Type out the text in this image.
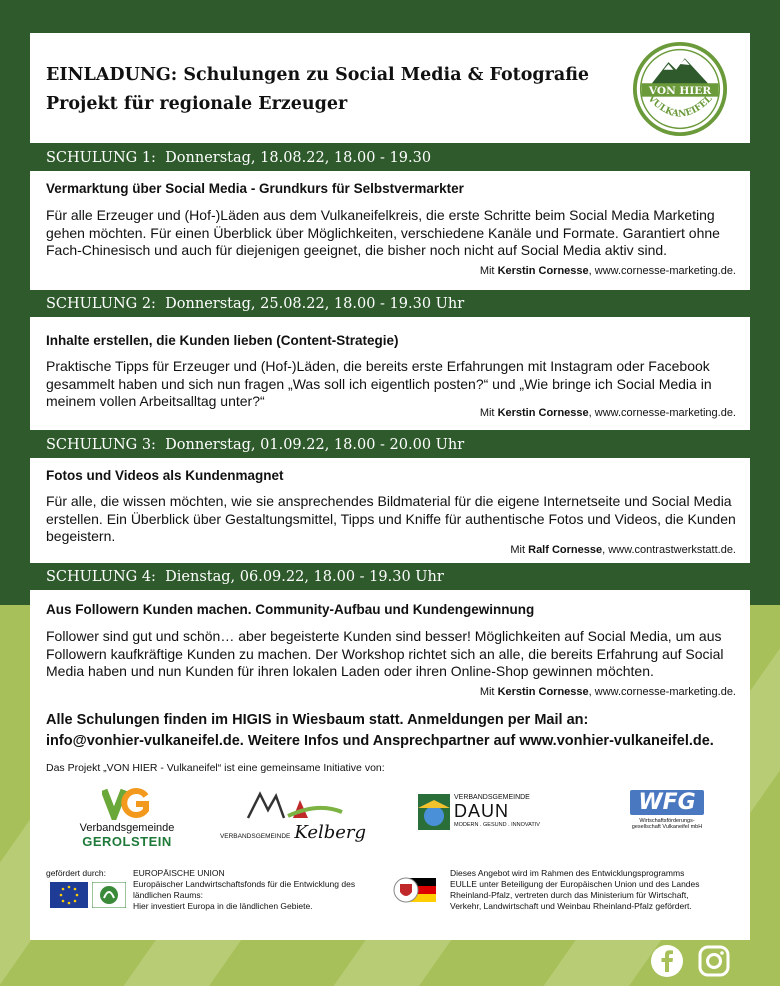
EINLADUNG: Schulungen zu Social Media & Fotografie
Projekt für regionale Erzeuger
VON HIER
VULKANEIFEL
SCHULUNG 1: Donnerstag, 18.08.22, 18.00 - 19.30
Vermarktung über Social Media - Grundkurs für Selbstvermarkter
Für alle Erzeuger und (Hof-)Läden aus dem Vulkaneifelkreis, die erste Schritte beim Social Media Marketing gehen möchten. Für einen Überblick über Möglichkeiten, verschiedene Kanäle und Formate. Garantiert ohne Fach-Chinesisch und auch für diejenigen geeignet, die bisher noch nicht auf Social Media aktiv sind.
Mit Kerstin Cornesse, www.cornesse-marketing.de.
SCHULUNG 2: Donnerstag, 25.08.22, 18.00 - 19.30 Uhr
Inhalte erstellen, die Kunden lieben (Content-Strategie)
Praktische Tipps für Erzeuger und (Hof-)Läden, die bereits erste Erfahrungen mit Instagram oder Facebook gesammelt haben und sich nun fragen „Was soll ich eigentlich posten?“ und „Wie bringe ich Social Media in meinem vollen Arbeitsalltag unter?“
Mit Kerstin Cornesse, www.cornesse-marketing.de.
SCHULUNG 3: Donnerstag, 01.09.22, 18.00 - 20.00 Uhr
Fotos und Videos als Kundenmagnet
Für alle, die wissen möchten, wie sie ansprechendes Bildmaterial für die eigene Internetseite und Social Media erstellen. Ein Überblick über Gestaltungsmittel, Tipps und Kniffe für authentische Fotos und Videos, die Kunden begeistern.
Mit Ralf Cornesse, www.contrastwerkstatt.de.
SCHULUNG 4: Dienstag, 06.09.22, 18.00 - 19.30 Uhr
Aus Followern Kunden machen. Community-Aufbau und Kundengewinnung
Follower sind gut und schön… aber begeisterte Kunden sind besser! Möglichkeiten auf Social Media, um aus Followern kaufkräftige Kunden zu machen. Der Workshop richtet sich an alle, die bereits Erfahrung auf Social Media haben und nun Kunden für ihren lokalen Laden oder ihren Online-Shop gewinnen möchten.
Mit Kerstin Cornesse, www.cornesse-marketing.de.
Alle Schulungen finden im HIGIS in Wiesbaum statt. Anmeldungen per Mail an:
info@vonhier-vulkaneifel.de. Weitere Infos und Ansprechpartner auf www.vonhier-vulkaneifel.de.
Das Projekt „VON HIER - Vulkaneifel“ ist eine gemeinsame Initiative von:
Verbandsgemeinde
GEROLSTEIN	VERBANDSGEMEINDE Kelberg
VERBANDSGEMEINDE
DAUN
MODERN . GESUND . INNOVATIV
WFG
Wirtschaftsförderungs-
gesellschaft Vulkaneifel mbH
gefördert durch:	EUROPÄISCHE UNION
Europäischer Landwirtschaftsfonds für die Entwicklung des
ländlichen Raums:
Hier investiert Europa in die ländlichen Gebiete.
Dieses Angebot wird im Rahmen des Entwicklungsprogramms
EULLE unter Beteiligung der Europäischen Union und des Landes
Rheinland-Pfalz, vertreten durch das Ministerium für Wirtschaft,
Verkehr, Landwirtschaft und Weinbau Rheinland-Pfalz gefördert.
